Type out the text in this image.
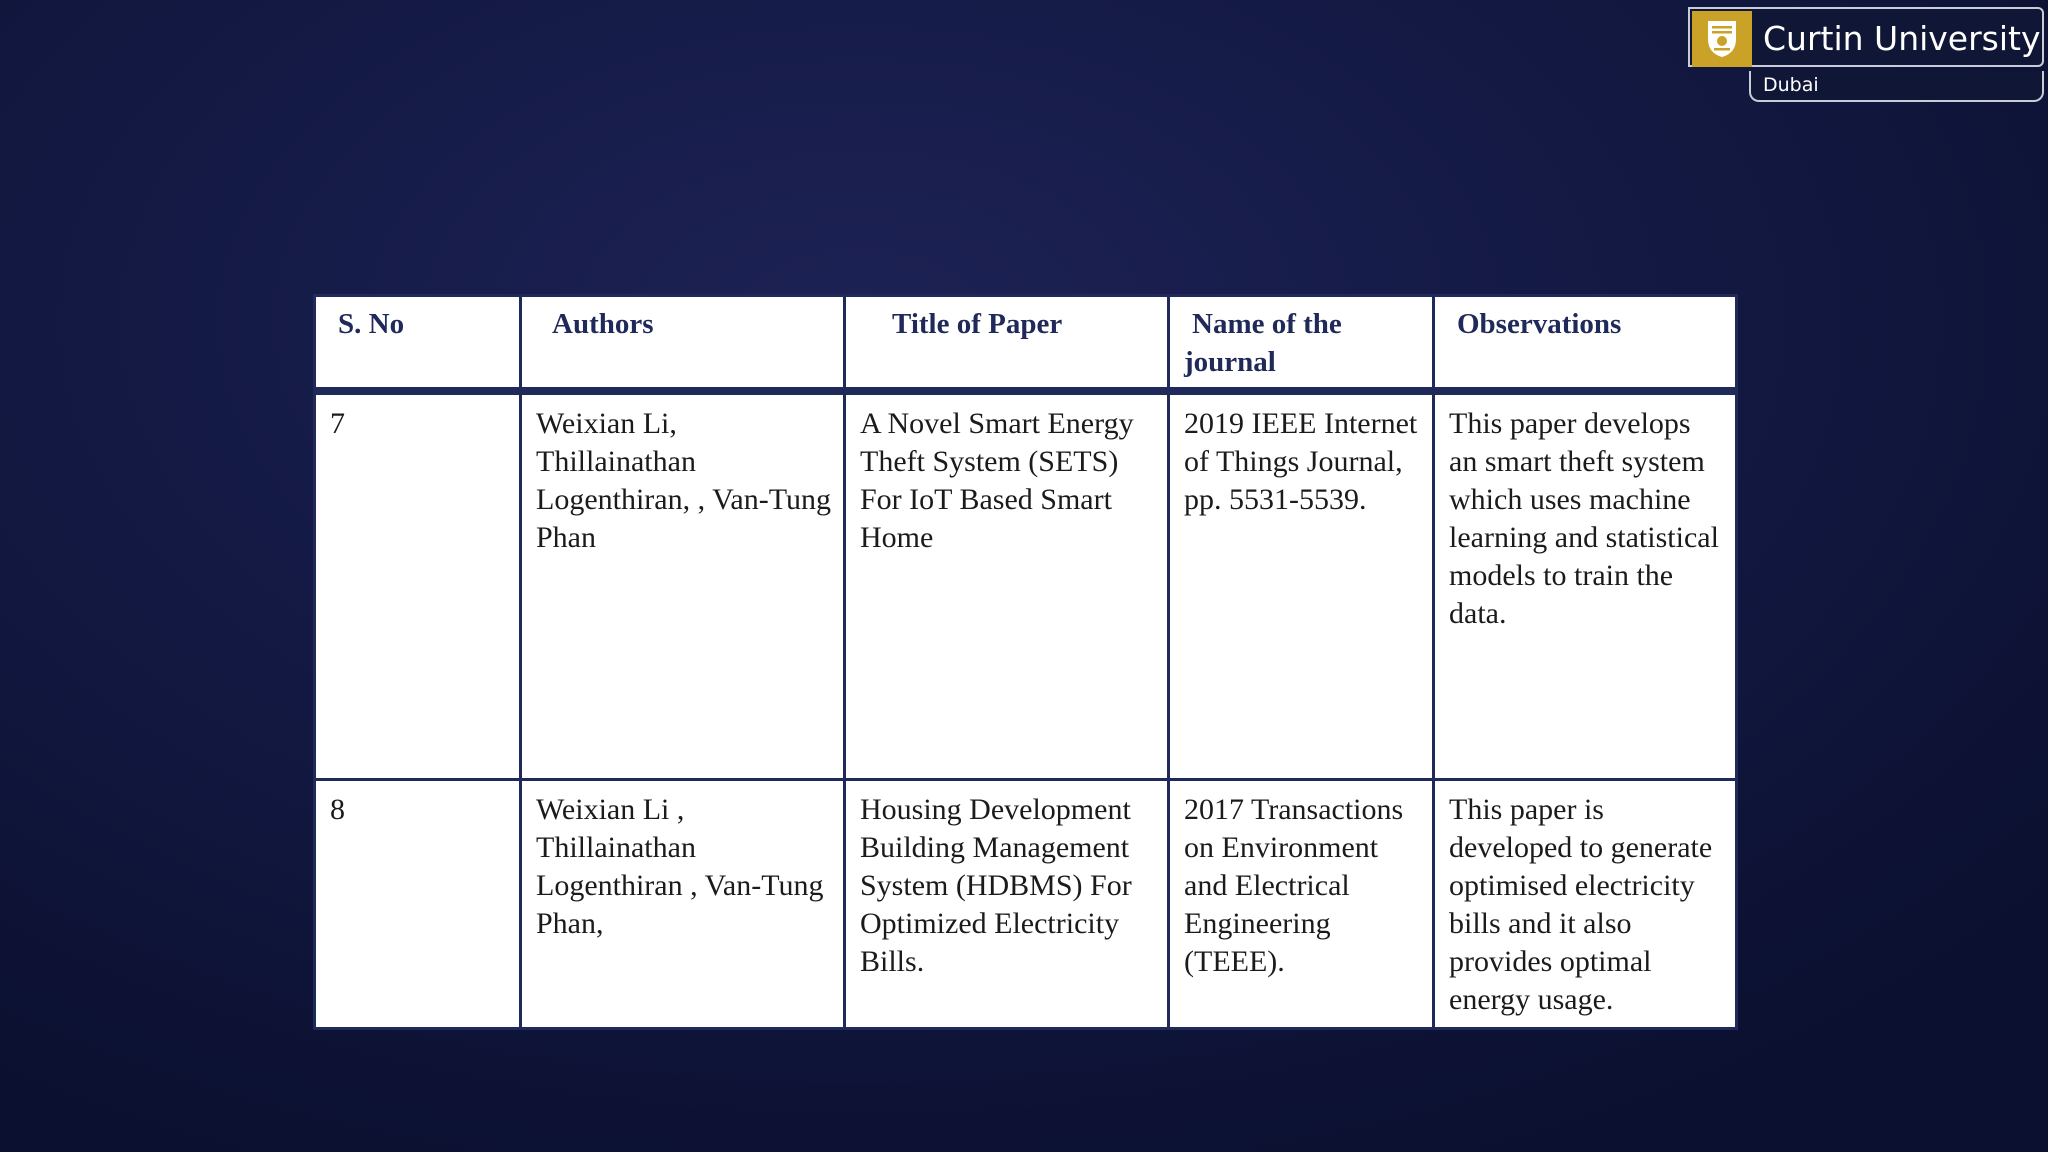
Curtin University
Dubai
S. No	Authors	Title of Paper	Name of the journal	Observations
7	Weixian Li, Thillainathan Logenthiran, , Van-Tung Phan	A Novel Smart Energy Theft System (SETS) For IoT Based Smart Home	2019 IEEE Internet of Things Journal, pp. 5531-5539.	This paper develops an smart theft system which uses machine learning and statistical models to train the data.
8	Weixian Li , Thillainathan Logenthiran , Van-Tung Phan,	Housing Development Building Management System (HDBMS) For Optimized Electricity Bills.	2017 Transactions on Environment and Electrical Engineering (TEEE).	This paper is developed to generate optimised electricity bills and it also provides optimal energy usage.
